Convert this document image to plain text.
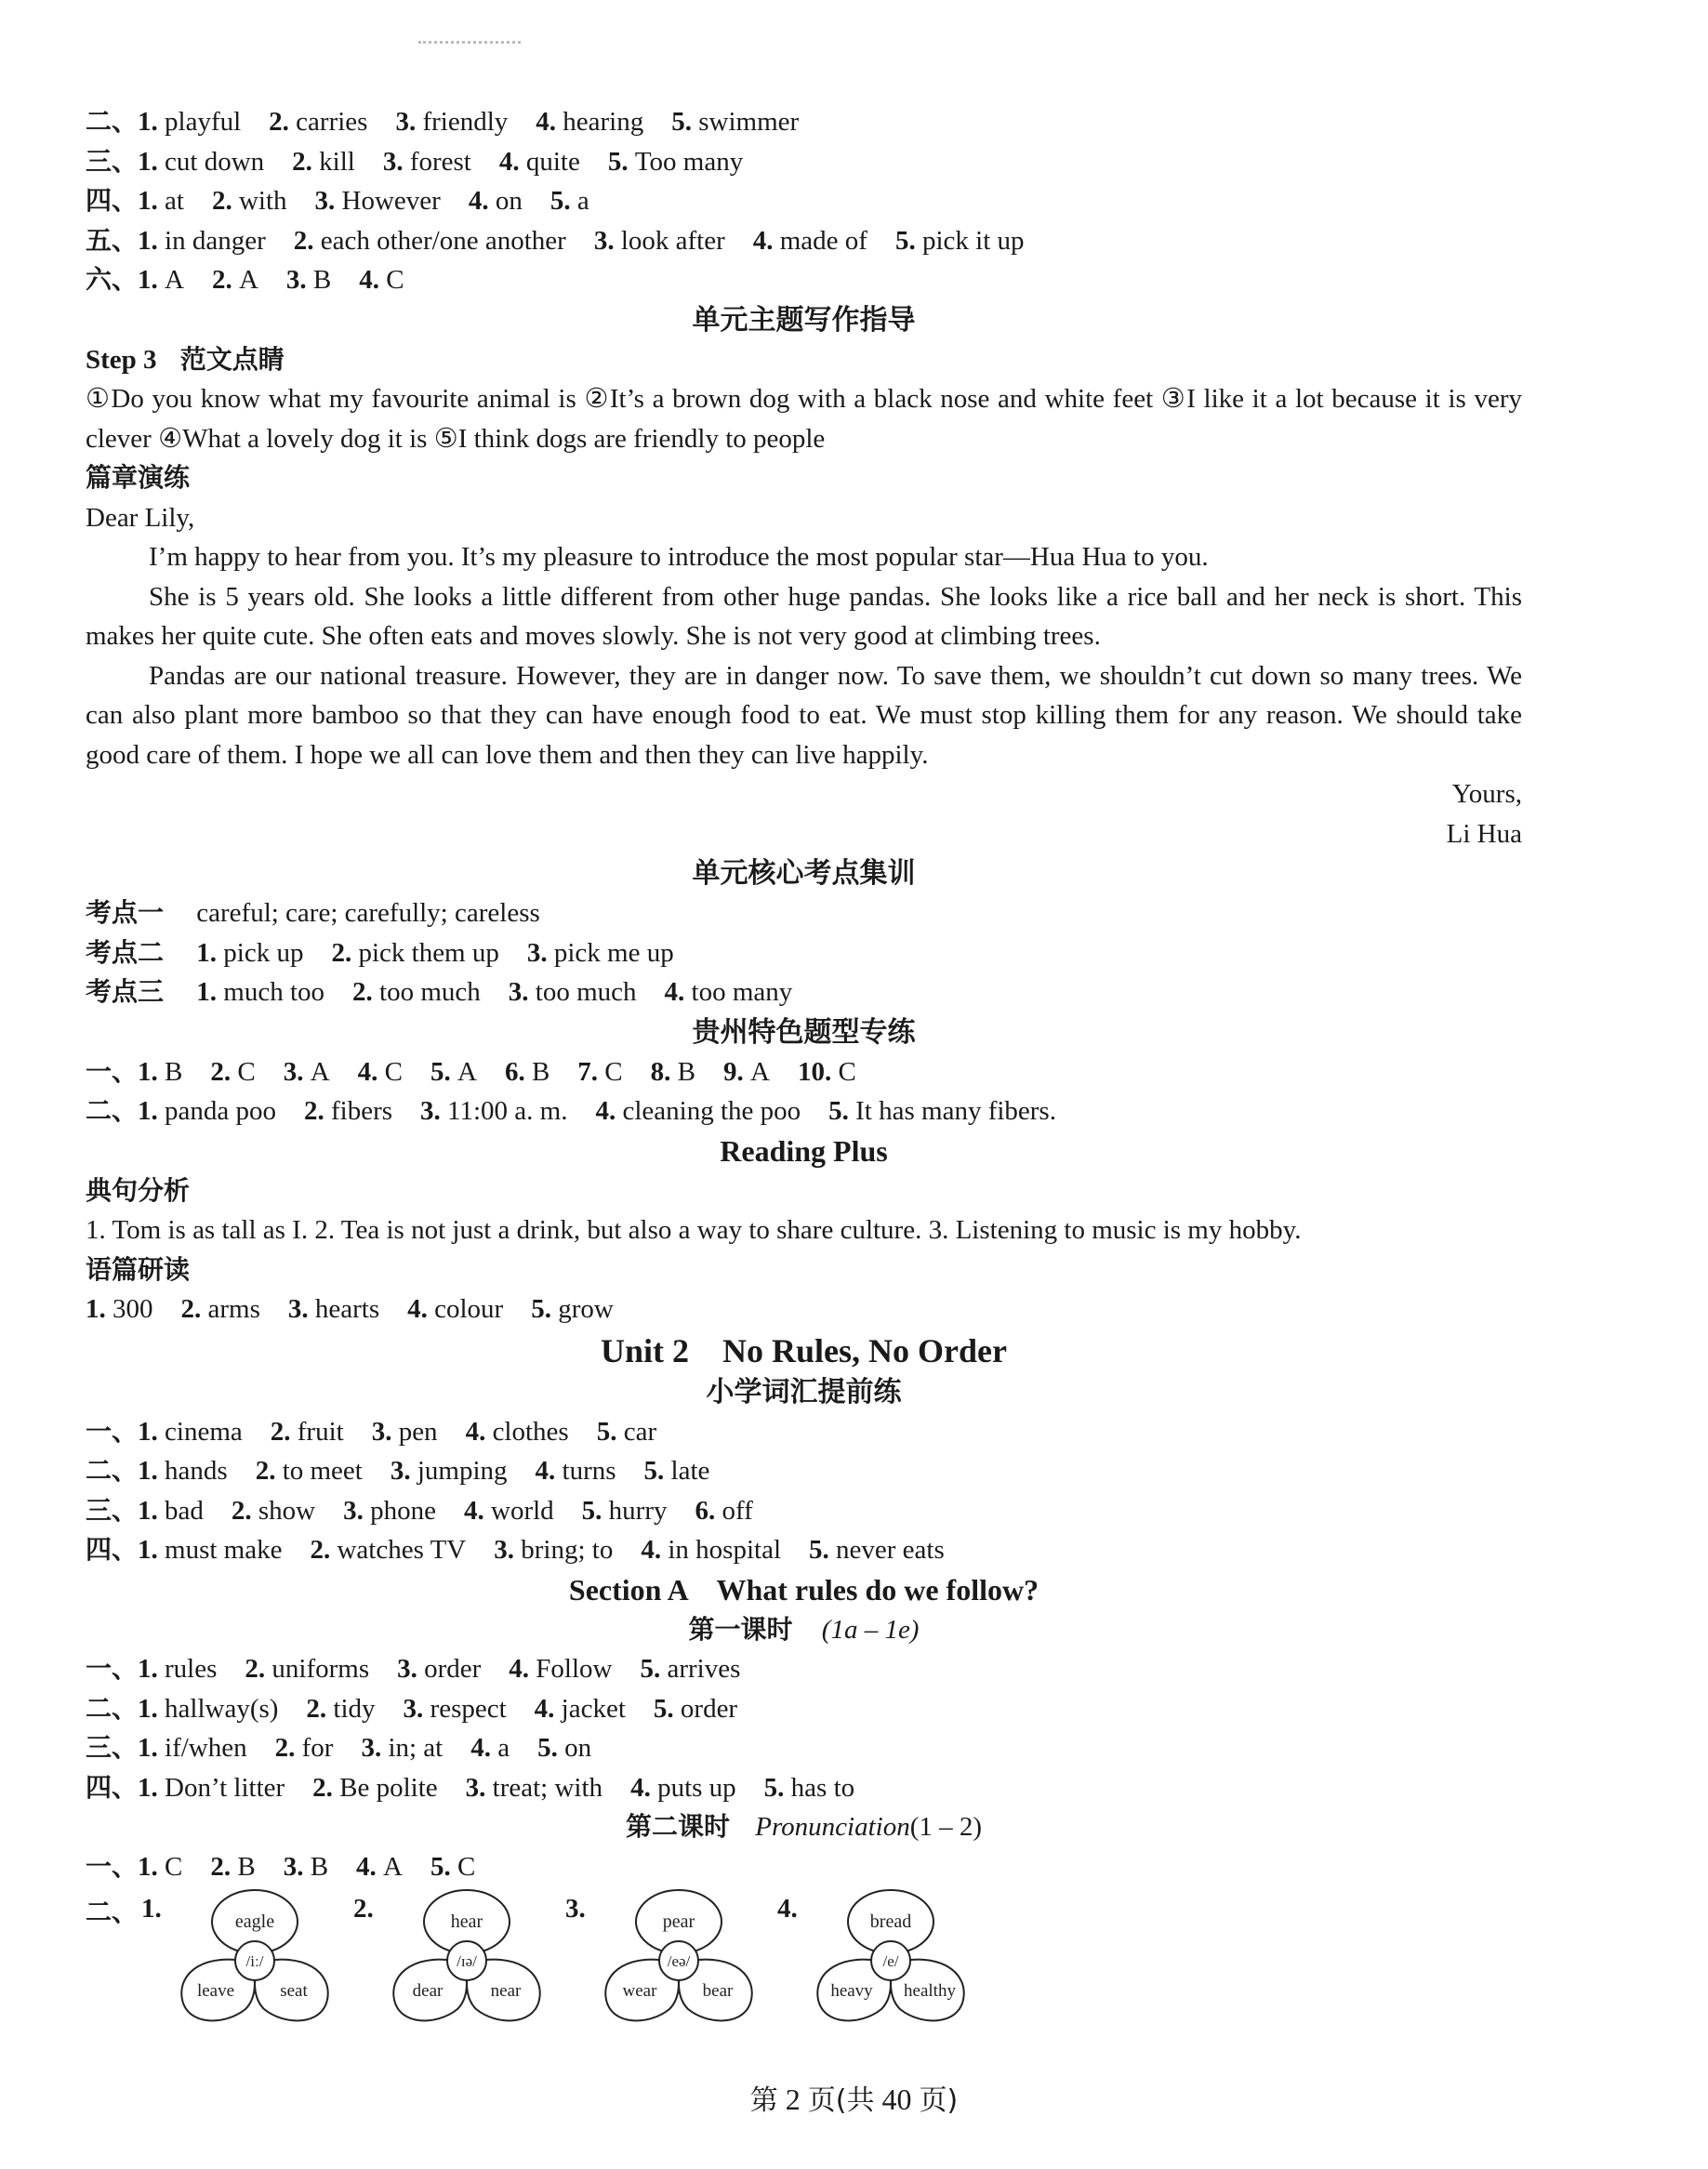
二、1. playful 2. carries 3. friendly 4. hearing 5. swimmer
三、1. cut down 2. kill 3. forest 4. quite 5. Too many
四、1. at 2. with 3. However 4. on 5. a
五、1. in danger 2. each other/one another 3. look after 4. made of 5. pick it up
六、1. A 2. A 3. B 4. C
单元主题写作指导
Step 3 范文点睛
①Do you know what my favourite animal is ②It’s a brown dog with a black nose and white feet ③I like it a lot because it is very clever ④What a lovely dog it is ⑤I think dogs are friendly to people
篇章演练
Dear Lily,
I’m happy to hear from you. It’s my pleasure to introduce the most popular star—Hua Hua to you.
She is 5 years old. She looks a little different from other huge pandas. She looks like a rice ball and her neck is short. This makes her quite cute. She often eats and moves slowly. She is not very good at climbing trees.
Pandas are our national treasure. However, they are in danger now. To save them, we shouldn’t cut down so many trees. We can also plant more bamboo so that they can have enough food to eat. We must stop killing them for any reason. We should take good care of them. I hope we all can love them and then they can live happily.
Yours,
Li Hua
单元核心考点集训
考点一 careful; care; carefully; careless
考点二 1. pick up 2. pick them up 3. pick me up
考点三 1. much too 2. too much 3. too much 4. too many
贵州特色题型专练
一、1. B 2. C 3. A 4. C 5. A 6. B 7. C 8. B 9. A 10. C
二、1. panda poo 2. fibers 3. 11:00 a. m. 4. cleaning the poo 5. It has many fibers.
Reading Plus
典句分析
1. Tom is as tall as I. 2. Tea is not just a drink, but also a way to share culture. 3. Listening to music is my hobby.
语篇研读
1. 300 2. arms 3. hearts 4. colour 5. grow
Unit 2    No Rules, No Order
小学词汇提前练
一、1. cinema 2. fruit 3. pen 4. clothes 5. car
二、1. hands 2. to meet 3. jumping 4. turns 5. late
三、1. bad 2. show 3. phone 4. world 5. hurry 6. off
四、1. must make 2. watches TV 3. bring; to 4. in hospital 5. never eats
Section A    What rules do we follow?
第一课时 (1a – 1e)
一、1. rules 2. uniforms 3. order 4. Follow 5. arrives
二、1. hallway(s) 2. tidy 3. respect 4. jacket 5. order
三、1. if/when 2. for 3. in; at 4. a 5. on
四、1. Don’t litter 2. Be polite 3. treat; with 4. puts up 5. has to
第二课时 Pronunciation(1 – 2)
一、1. C 2. B 3. B 4. A 5. C
二、 1.	eagle
/iː/
leave	seat
2.	hear
/ɪə/
dear	near
3.	pear
/eə/
wear	bear
4.	bread
/e/
heavy healthy
第 2 页(共 40 页)
